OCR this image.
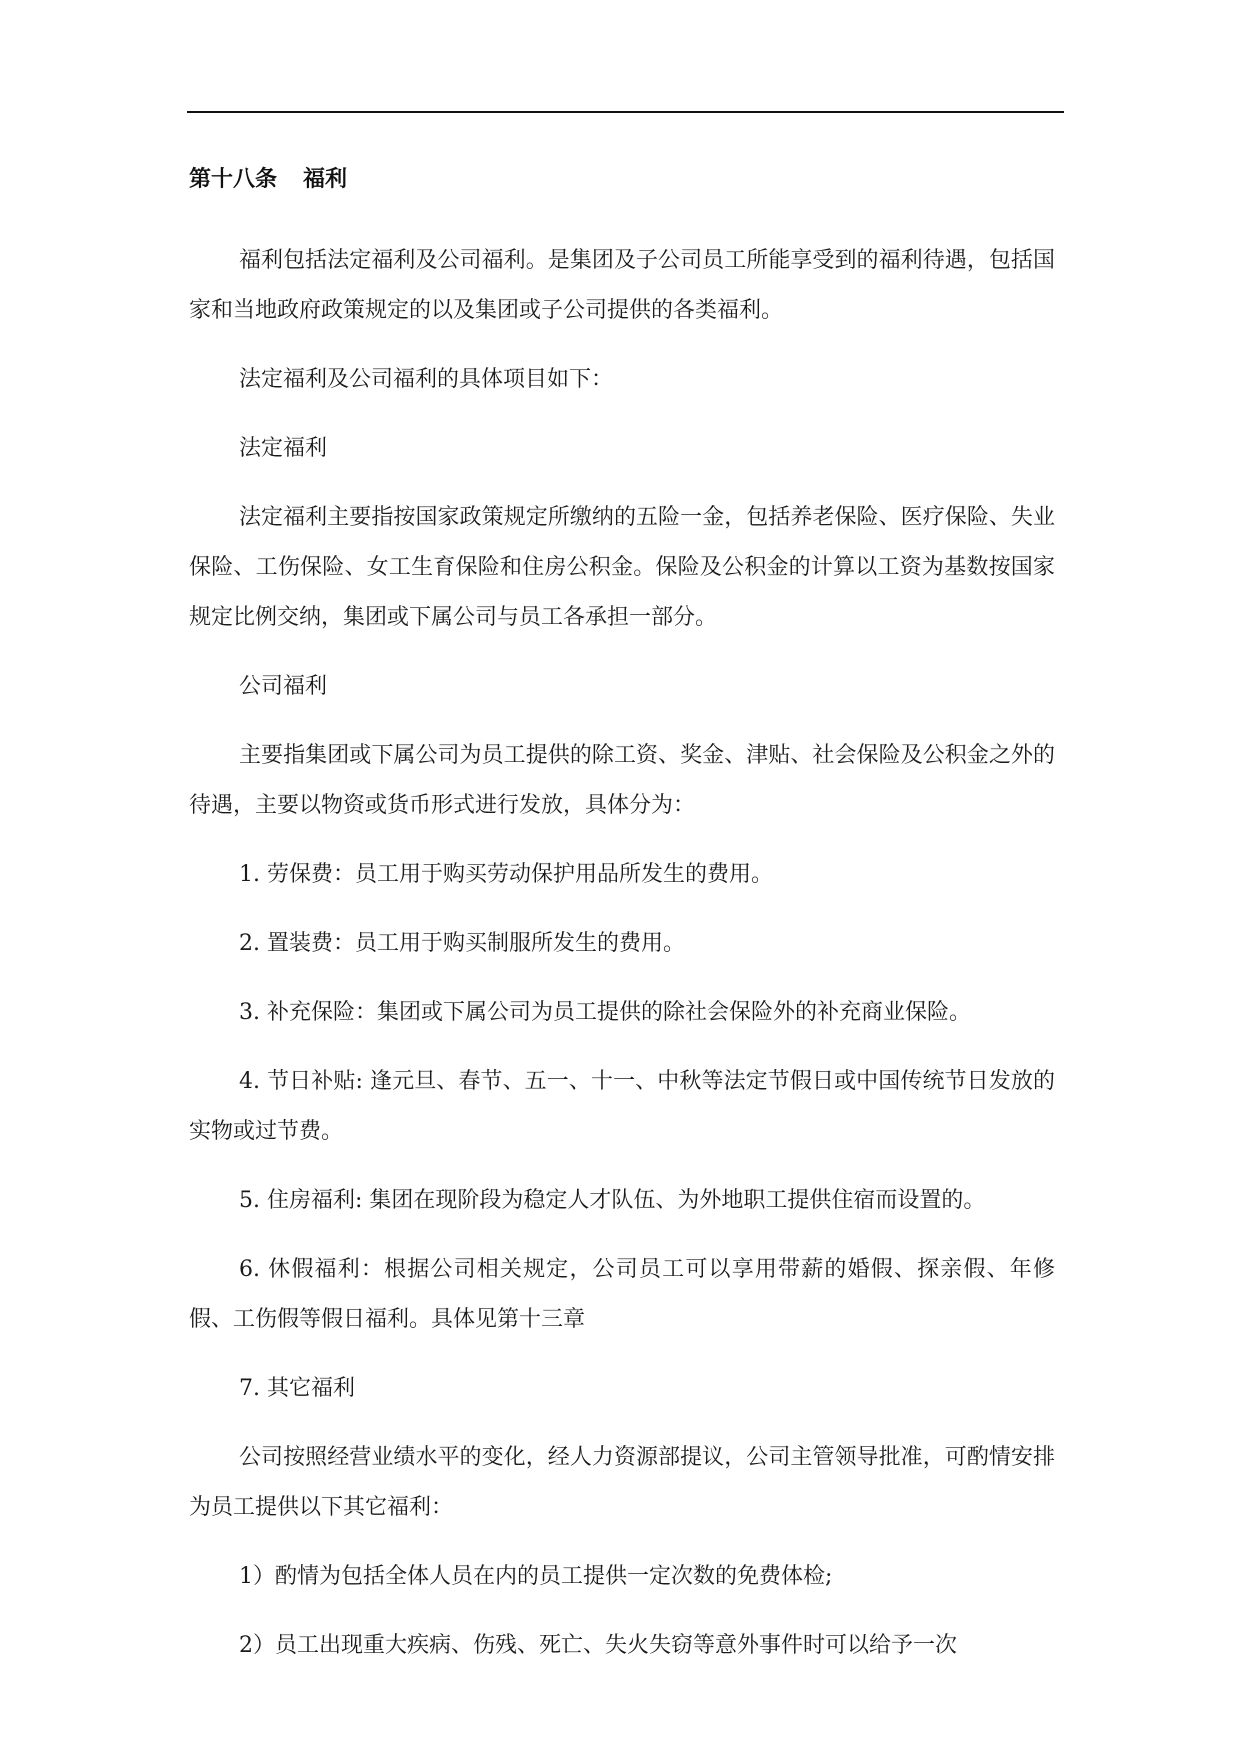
第十八条 福利

福利包括法定福利及公司福利。是集团及子公司员工所能享受到的福利待遇，包括国家和当地政府政策规定的以及集团或子公司提供的各类福利。

法定福利及公司福利的具体项目如下：

法定福利

法定福利主要指按国家政策规定所缴纳的五险一金，包括养老保险、医疗保险、失业保险、工伤保险、女工生育保险和住房公积金。保险及公积金的计算以工资为基数按国家规定比例交纳，集团或下属公司与员工各承担一部分。

公司福利

主要指集团或下属公司为员工提供的除工资、奖金、津贴、社会保险及公积金之外的待遇，主要以物资或货币形式进行发放，具体分为：

1. 劳保费：员工用于购买劳动保护用品所发生的费用。

2. 置装费：员工用于购买制服所发生的费用。

3. 补充保险：集团或下属公司为员工提供的除社会保险外的补充商业保险。

4. 节日补贴: 逢元旦、春节、五一、十一、中秋等法定节假日或中国传统节日发放的实物或过节费。

5. 住房福利: 集团在现阶段为稳定人才队伍、为外地职工提供住宿而设置的。

6. 休假福利：根据公司相关规定，公司员工可以享用带薪的婚假、探亲假、年修假、工伤假等假日福利。具体见第十三章

7. 其它福利

公司按照经营业绩水平的变化，经人力资源部提议，公司主管领导批准，可酌情安排为员工提供以下其它福利：

1）酌情为包括全体人员在内的员工提供一定次数的免费体检;

2）员工出现重大疾病、伤残、死亡、失火失窃等意外事件时可以给予一次
